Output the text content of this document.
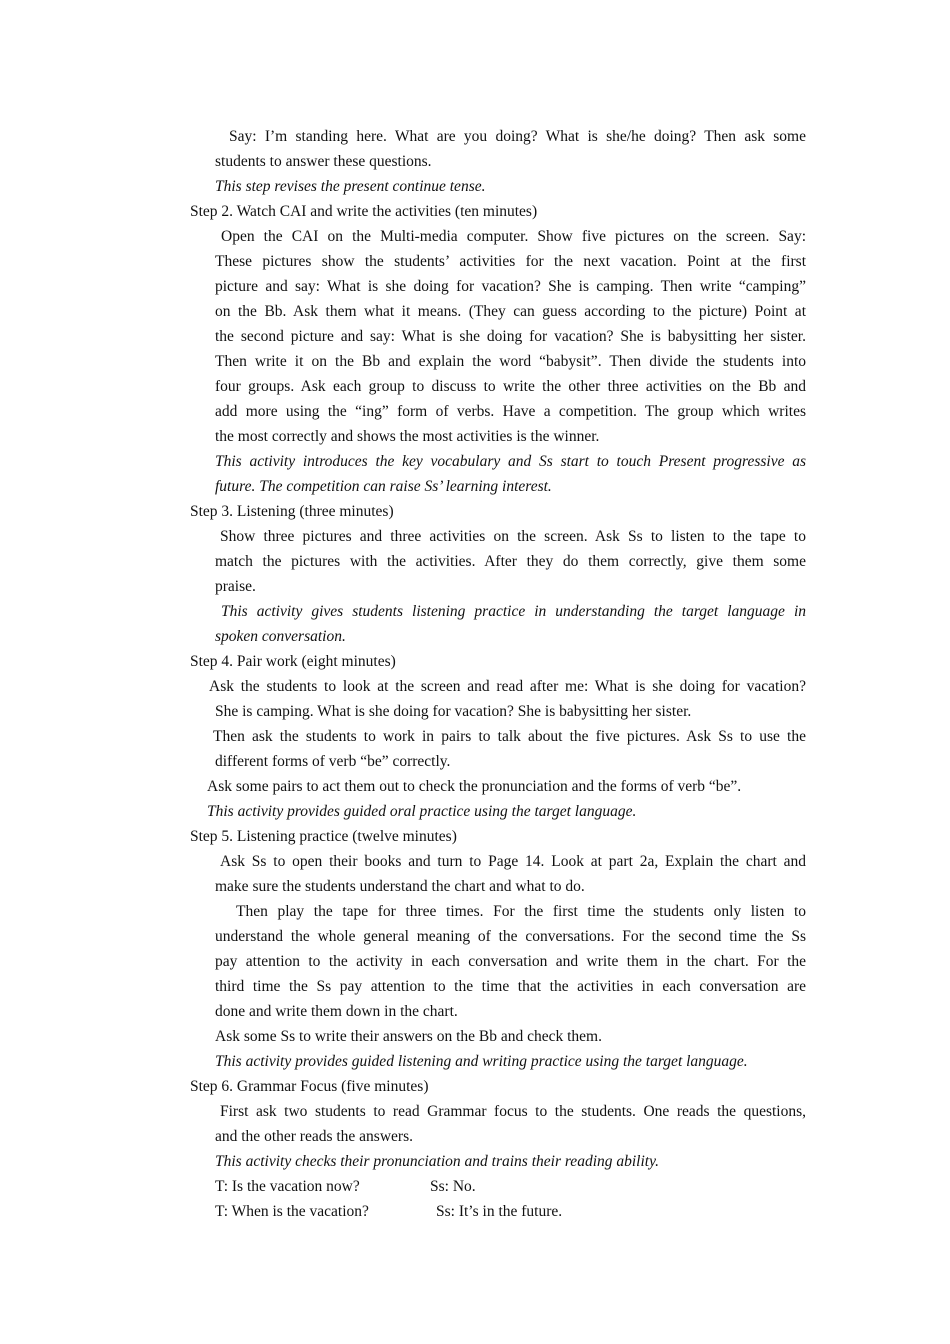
Say: I’m standing here. What are you doing? What is she/he doing? Then ask some
students to answer these questions.
This step revises the present continue tense.
Step 2. Watch CAI and write the activities (ten minutes)
Open the CAI on the Multi-media computer. Show five pictures on the screen. Say:
These pictures show the students’ activities for the next vacation. Point at the first
picture and say: What is she doing for vacation? She is camping. Then write “camping”
on the Bb. Ask them what it means. (They can guess according to the picture) Point at
the second picture and say: What is she doing for vacation? She is babysitting her sister.
Then write it on the Bb and explain the word “babysit”. Then divide the students into
four groups. Ask each group to discuss to write the other three activities on the Bb and
add more using the “ing” form of verbs. Have a competition. The group which writes
the most correctly and shows the most activities is the winner.
This activity introduces the key vocabulary and Ss start to touch Present progressive as
future. The competition can raise Ss’ learning interest.
Step 3. Listening (three minutes)
Show three pictures and three activities on the screen. Ask Ss to listen to the tape to
match the pictures with the activities. After they do them correctly, give them some
praise.
This activity gives students listening practice in understanding the target language in
spoken conversation.
Step 4. Pair work (eight minutes)
Ask the students to look at the screen and read after me: What is she doing for vacation?
She is camping. What is she doing for vacation? She is babysitting her sister.
Then ask the students to work in pairs to talk about the five pictures. Ask Ss to use the
different forms of verb “be” correctly.
Ask some pairs to act them out to check the pronunciation and the forms of verb “be”.
This activity provides guided oral practice using the target language.
Step 5. Listening practice (twelve minutes)
Ask Ss to open their books and turn to Page 14. Look at part 2a, Explain the chart and
make sure the students understand the chart and what to do.
Then play the tape for three times. For the first time the students only listen to
understand the whole general meaning of the conversations. For the second time the Ss
pay attention to the activity in each conversation and write them in the chart. For the
third time the Ss pay attention to the time that the activities in each conversation are
done and write them down in the chart.
Ask some Ss to write their answers on the Bb and check them.
This activity provides guided listening and writing practice using the target language.
Step 6. Grammar Focus (five minutes)
First ask two students to read Grammar focus to the students. One reads the questions,
and the other reads the answers.
This activity checks their pronunciation and trains their reading ability.
T: Is the vacation now?	Ss: No.
T: When is the vacation?	Ss: It’s in the future.
